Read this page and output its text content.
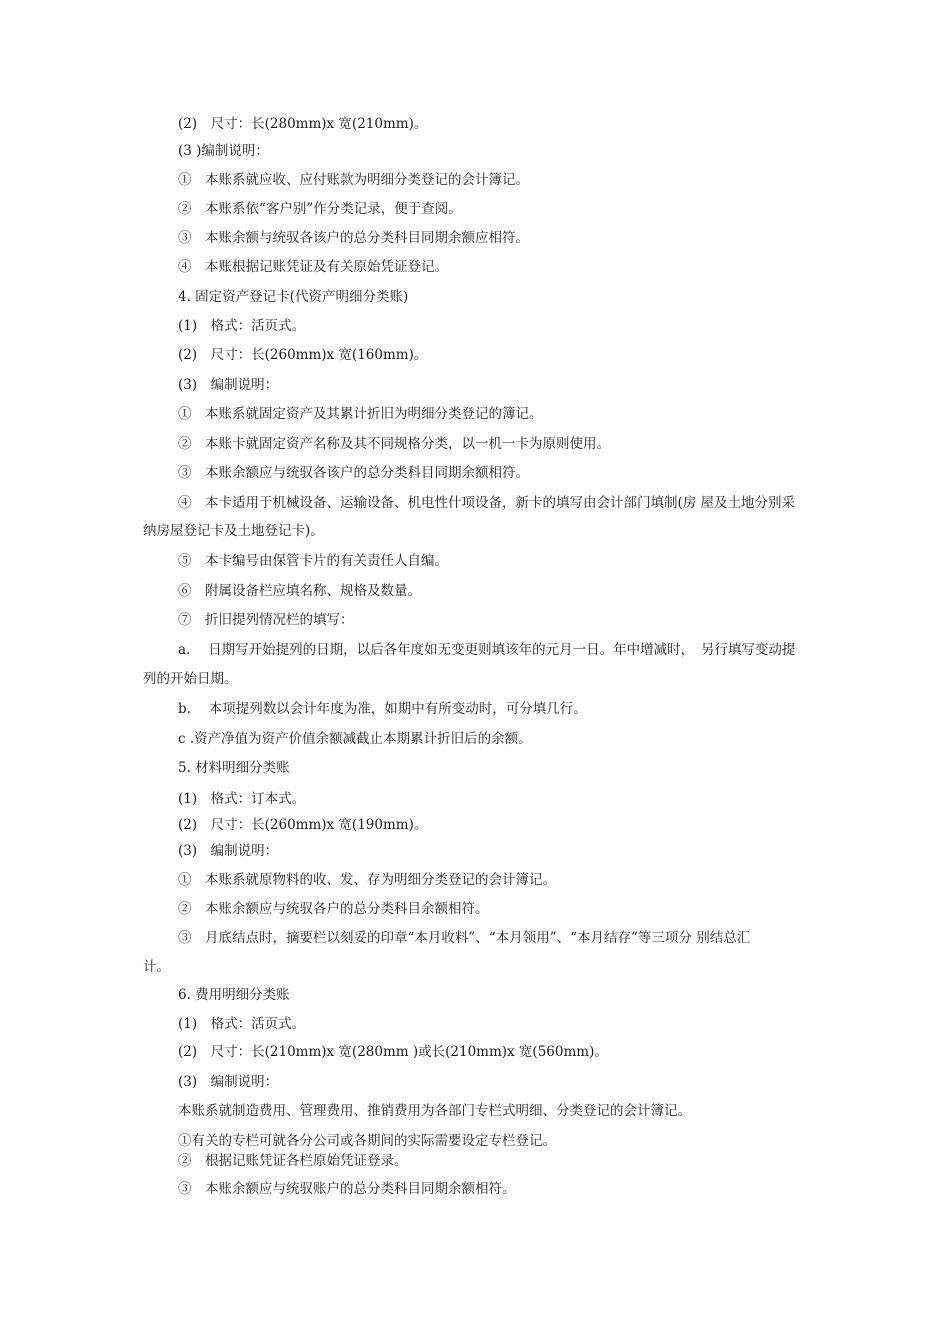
(2)　尺寸：长(280mm)x 宽(210mm)。
(3 )编制说明：
①　本账系就应收、应付账款为明细分类登记的会计簿记。
②　本账系依“客户别”作分类记录，便于查阅。
③　本账余额与统驭各该户的总分类科目同期余额应相符。
④　本账根据记账凭证及有关原始凭证登记。
4. 固定资产登记卡(代资产明细分类账)
(1)　格式：活页式。
(2)　尺寸：长(260mm)x 宽(160mm)。
(3)　编制说明：
①　本账系就固定资产及其累计折旧为明细分类登记的簿记。
②　本账卡就固定资产名称及其不同规格分类，以一机一卡为原则使用。
③　本账余额应与统驭各该户的总分类科目同期余额相符。
④　本卡适用于机械设备、运输设备、机电性什项设备，新卡的填写由会计部门填制(房 屋及土地分别采
纳房屋登记卡及土地登记卡)。
⑤　本卡编号由保管卡片的有关责任人自编。
⑥　附属设备栏应填名称、规格及数量。
⑦　折旧提列情况栏的填写：
a.　 日期写开始提列的日期，以后各年度如无变更则填该年的元月一日。年中增减时，　另行填写变动提
列的开始日期。
b.　 本项提列数以会计年度为准，如期中有所变动时，可分填几行。
c .资产净值为资产价值余额减截止本期累计折旧后的余额。
5. 材料明细分类账
(1)　格式：订本式。
(2)　尺寸：长(260mm)x 宽(190mm)。
(3)　编制说明：
①　本账系就原物料的收、发、存为明细分类登记的会计簿记。
②　本账余额应与统驭各户的总分类科目余额相符。
③　月底结点时，摘要栏以刻妥的印章“本月收料”、“本月领用”、“本月结存”等三项分 别结总汇
计。
6. 费用明细分类账
(1)　格式：活页式。
(2)　尺寸：长(210mm)x 宽(280mm )或长(210mm)x 宽(560mm)。
(3)　编制说明：
本账系就制造费用、管理费用、推销费用为各部门专栏式明细、分类登记的会计簿记。
①有关的专栏可就各分公司或各期间的实际需要设定专栏登记。
②　根据记账凭证各栏原始凭证登录。
③　本账余额应与统驭账户的总分类科目同期余额相符。
